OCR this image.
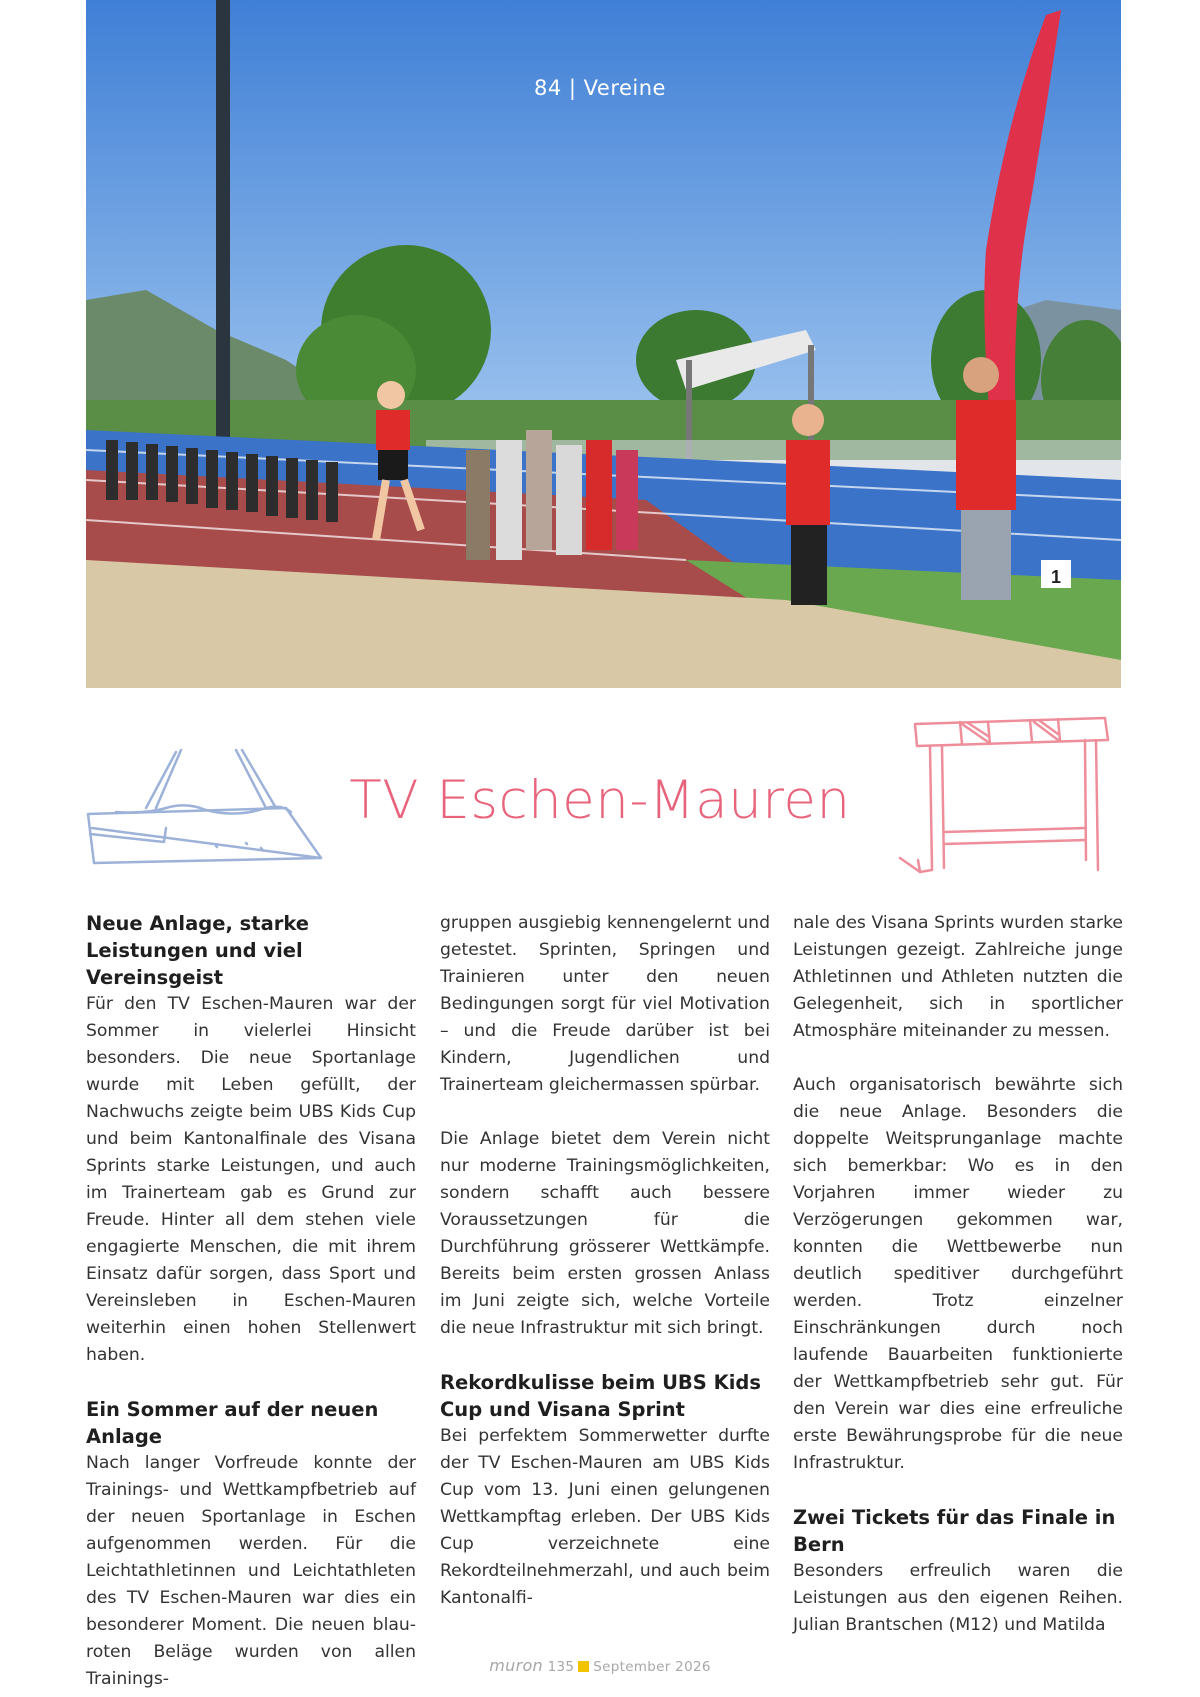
1
84 | Vereine
TV Eschen-Mauren
Neue Anlage, starke Leistungen und viel Vereinsgeist

Für den TV Eschen-Mauren war der Sommer in vielerlei Hinsicht besonders. Die neue Sportanlage wurde mit Leben gefüllt, der Nachwuchs zeigte beim UBS Kids Cup und beim Kantonalfinale des Visana Sprints starke Leistungen, und auch im Trainerteam gab es Grund zur Freude. Hinter all dem stehen viele engagierte Menschen, die mit ihrem Einsatz dafür sorgen, dass Sport und Vereinsleben in Eschen-Mauren weiterhin einen hohen Stellenwert haben.

Ein Sommer auf der neuen Anlage

Nach langer Vorfreude konnte der Trainings- und Wettkampfbetrieb auf der neuen Sportanlage in Eschen aufgenommen werden. Für die Leichtathletinnen und Leichtathleten des TV Eschen-Mauren war dies ein besonderer Moment. Die neuen blau-roten Beläge wurden von allen Trainings-

gruppen ausgiebig kennengelernt und getestet. Sprinten, Springen und Trainieren unter den neuen Bedingungen sorgt für viel Motivation – und die Freude darüber ist bei Kindern, Jugendlichen und Trainerteam gleichermassen spürbar.

Die Anlage bietet dem Verein nicht nur moderne Trainingsmöglichkeiten, sondern schafft auch bessere Voraussetzungen für die Durchführung grösserer Wettkämpfe. Bereits beim ersten grossen Anlass im Juni zeigte sich, welche Vorteile die neue Infrastruktur mit sich bringt.

Rekordkulisse beim UBS Kids Cup und Visana Sprint

Bei perfektem Sommerwetter durfte der TV Eschen-Mauren am UBS Kids Cup vom 13. Juni einen gelungenen Wettkampftag erleben. Der UBS Kids Cup verzeichnete eine Rekordteilnehmerzahl, und auch beim Kantonalfi-

nale des Visana Sprints wurden starke Leistungen gezeigt. Zahlreiche junge Athletinnen und Athleten nutzten die Gelegenheit, sich in sportlicher Atmosphäre miteinander zu messen.

Auch organisatorisch bewährte sich die neue Anlage. Besonders die doppelte Weitsprunganlage machte sich bemerkbar: Wo es in den Vorjahren immer wieder zu Verzögerungen gekommen war, konnten die Wettbewerbe nun deutlich speditiver durchgeführt werden. Trotz einzelner Einschränkungen durch noch laufende Bauarbeiten funktionierte der Wettkampfbetrieb sehr gut. Für den Verein war dies eine erfreuliche erste Bewährungsprobe für die neue Infrastruktur.

Zwei Tickets für das Finale in Bern

Besonders erfreulich waren die Leistungen aus den eigenen Reihen. Julian Brantschen (M12) und Matilda

muron 135 September 2026
